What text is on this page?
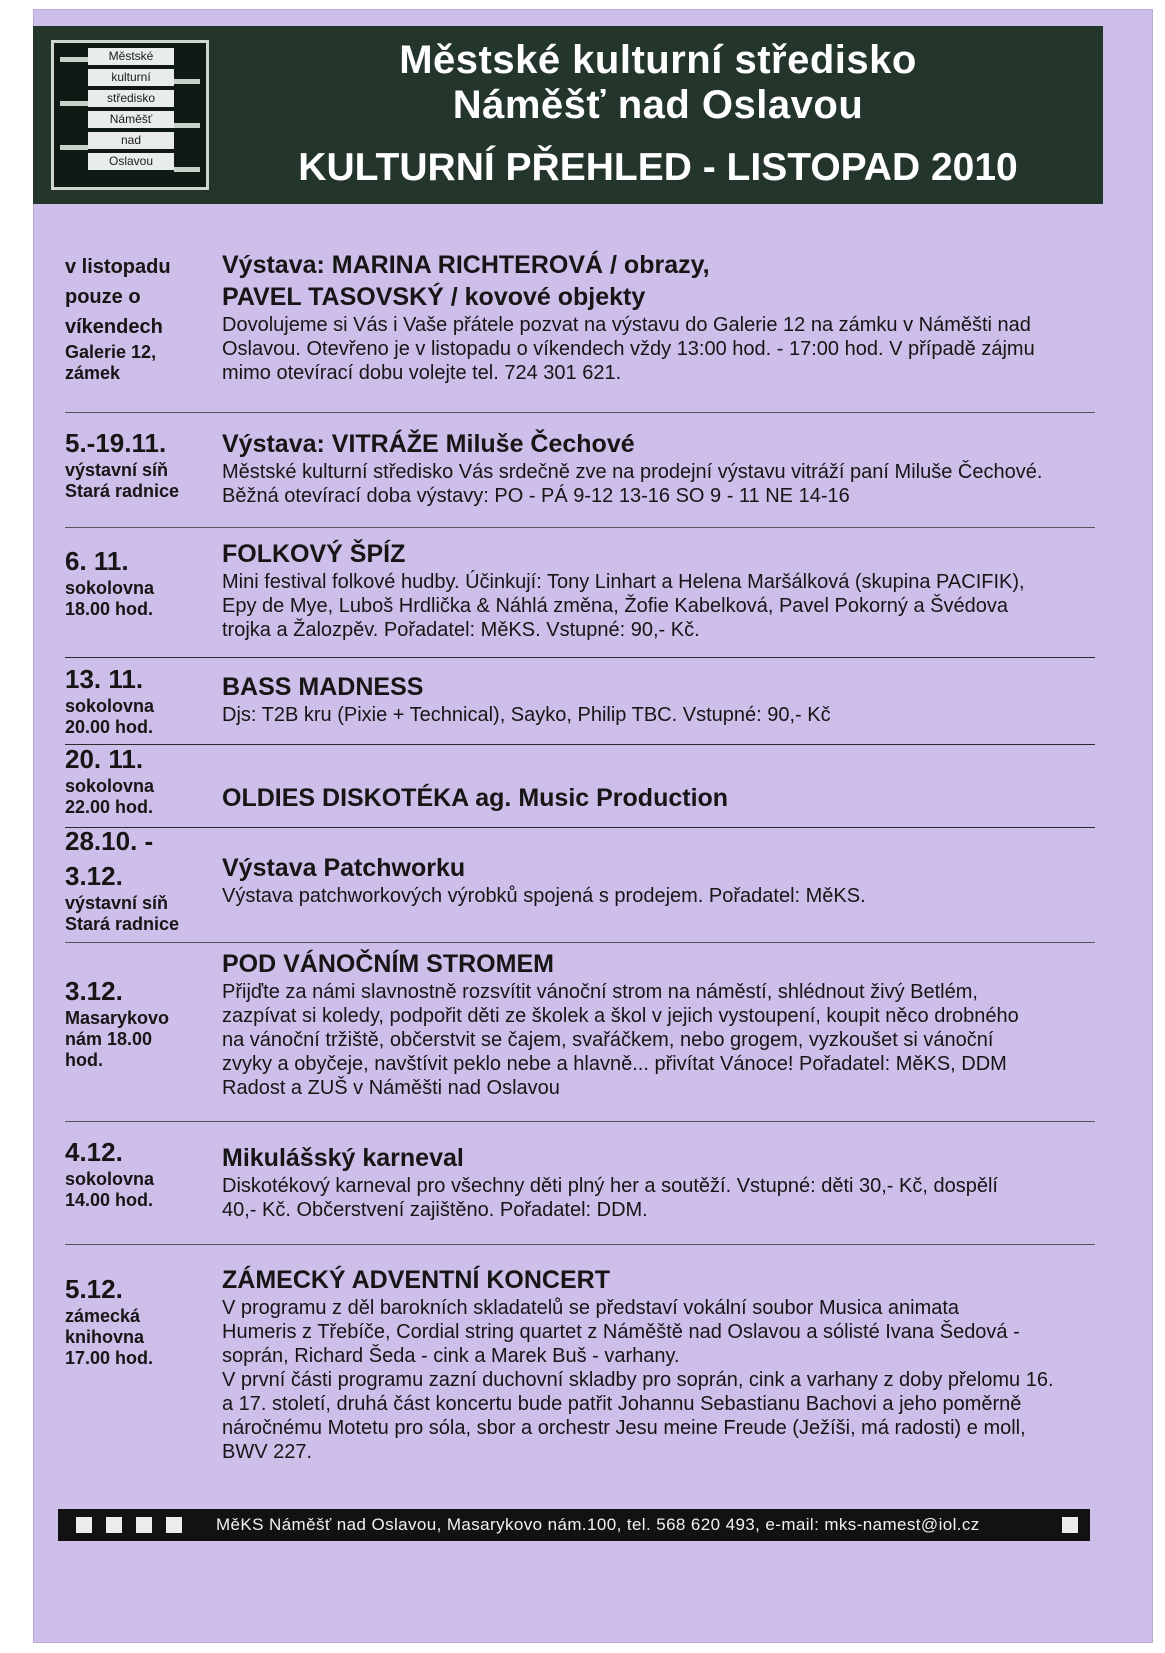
Městské
kulturní
středisko
Náměšť
nad
Oslavou
Městské kulturní středisko
Náměšť nad Oslavou
KULTURNÍ PŘEHLED - LISTOPAD 2010
v listopadu
pouze o
víkendech
Galerie 12,
zámek
Výstava: MARINA RICHTEROVÁ / obrazy,
PAVEL TASOVSKÝ / kovové objekty
Dovolujeme si Vás i Vaše přátele pozvat na výstavu do Galerie 12 na zámku v Náměšti nad
Oslavou. Otevřeno je v listopadu o víkendech vždy 13:00 hod. - 17:00 hod. V případě zájmu
mimo otevírací dobu volejte tel. 724 301 621.
5.-19.11.
výstavní síň
Stará radnice
Výstava: VITRÁŽE Miluše Čechové
Městské kulturní středisko Vás srdečně zve na prodejní výstavu vitráží paní Miluše Čechové.
Běžná otevírací doba výstavy: PO - PÁ 9-12 13-16 SO 9 - 11 NE 14-16
6. 11.
sokolovna
18.00 hod.
FOLKOVÝ ŠPÍZ
Mini festival folkové hudby. Účinkují: Tony Linhart a Helena Maršálková (skupina PACIFIK),
Epy de Mye, Luboš Hrdlička & Náhlá změna, Žofie Kabelková, Pavel Pokorný a Švédova
trojka a Žalozpěv. Pořadatel: MěKS. Vstupné: 90,- Kč.
13. 11.
sokolovna
20.00 hod.
BASS MADNESS
Djs: T2B kru (Pixie + Technical), Sayko, Philip TBC. Vstupné: 90,- Kč
20. 11.
sokolovna
22.00 hod.	OLDIES DISKOTÉKA ag. Music Production
28.10. -
3.12.
výstavní síň
Stará radnice
Výstava Patchworku
Výstava patchworkových výrobků spojená s prodejem. Pořadatel: MěKS.
3.12.
Masarykovo
nám 18.00
hod.
POD VÁNOČNÍM STROMEM
Přijďte za námi slavnostně rozsvítit vánoční strom na náměstí, shlédnout živý Betlém,
zazpívat si koledy, podpořit děti ze školek a škol v jejich vystoupení, koupit něco drobného
na vánoční tržiště, občerstvit se čajem, svařáčkem, nebo grogem, vyzkoušet si vánoční
zvyky a obyčeje, navštívit peklo nebe a hlavně... přivítat Vánoce! Pořadatel: MěKS, DDM
Radost a ZUŠ v Náměšti nad Oslavou
4.12.
sokolovna
14.00 hod.
Mikulášský karneval
Diskotékový karneval pro všechny děti plný her a soutěží. Vstupné: děti 30,- Kč, dospělí
40,- Kč. Občerstvení zajištěno. Pořadatel: DDM.
5.12.
zámecká
knihovna
17.00 hod.
ZÁMECKÝ ADVENTNÍ KONCERT
V programu z děl barokních skladatelů se představí vokální soubor Musica animata
Humeris z Třebíče, Cordial string quartet z Náměště nad Oslavou a sólisté Ivana Šedová -
soprán, Richard Šeda - cink a Marek Buš - varhany.
V první části programu zazní duchovní skladby pro soprán, cink a varhany z doby přelomu 16.
a 17. století, druhá část koncertu bude patřit Johannu Sebastianu Bachovi a jeho poměrně
náročnému Motetu pro sóla, sbor a orchestr Jesu meine Freude (Ježíši, má radosti) e moll,
BWV 227.
MěKS Náměšť nad Oslavou, Masarykovo nám.100, tel. 568 620 493, e-mail: mks-namest@iol.cz
